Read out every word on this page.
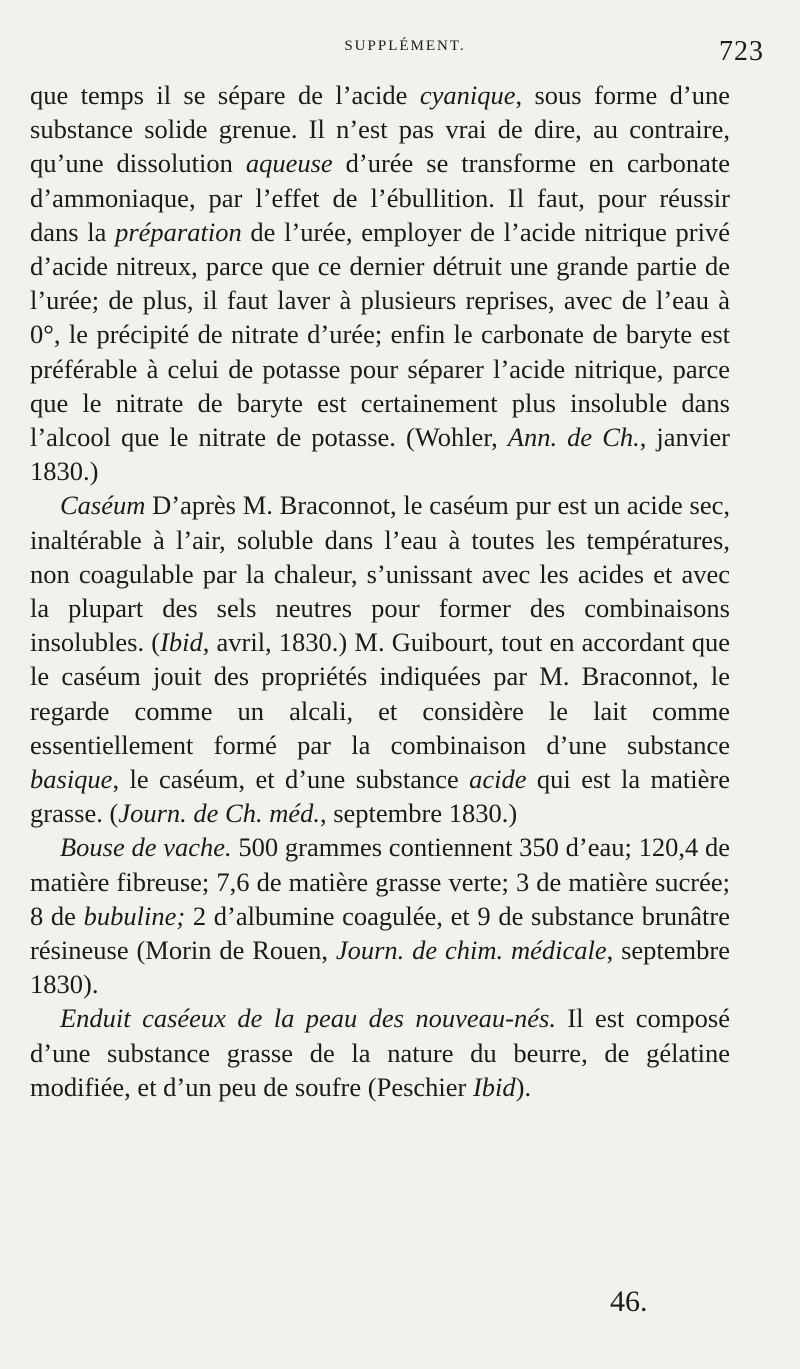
SUPPLÉMENT.	723

que temps il se sépare de l’acide cyanique, sous forme d’une substance solide grenue. Il n’est pas vrai de dire, au contraire, qu’une dissolution aqueuse d’urée se transforme en carbonate d’ammoniaque, par l’effet de l’ébullition. Il faut, pour réussir dans la préparation de l’urée, employer de l’acide nitrique privé d’acide nitreux, parce que ce dernier détruit une grande partie de l’urée; de plus, il faut laver à plusieurs reprises, avec de l’eau à 0°, le précipité de nitrate d’urée; enfin le carbonate de baryte est préférable à celui de potasse pour séparer l’acide nitrique, parce que le nitrate de baryte est certainement plus insoluble dans l’alcool que le nitrate de potasse. (Wohler, Ann. de Ch., janvier 1830.)

Caséum D’après M. Braconnot, le caséum pur est un acide sec, inaltérable à l’air, soluble dans l’eau à toutes les températures, non coagulable par la chaleur, s’unissant avec les acides et avec la plupart des sels neutres pour former des combinaisons insolubles. (Ibid, avril, 1830.) M. Guibourt, tout en accordant que le caséum jouit des propriétés indiquées par M. Braconnot, le regarde comme un alcali, et considère le lait comme essentiellement formé par la combinaison d’une substance basique, le caséum, et d’une substance acide qui est la matière grasse. (Journ. de Ch. méd., septembre 1830.)

Bouse de vache. 500 grammes contiennent 350 d’eau; 120,4 de matière fibreuse; 7,6 de matière grasse verte; 3 de matière sucrée; 8 de bubuline; 2 d’albumine coagulée, et 9 de substance brunâtre résineuse (Morin de Rouen, Journ. de chim. médicale, septembre 1830).

Enduit caséeux de la peau des nouveau-nés. Il est composé d’une substance grasse de la nature du beurre, de gélatine modifiée, et d’un peu de soufre (Peschier Ibid).

46.
